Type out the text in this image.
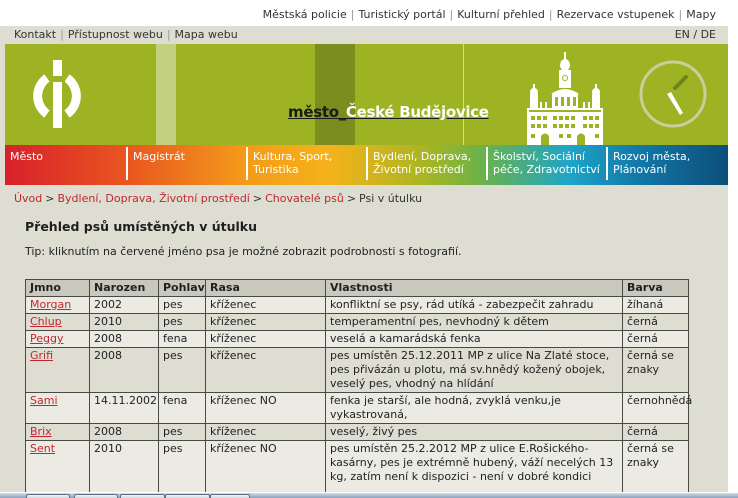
Městská policie | Turistický portál | Kulturní přehled | Rezervace vstupenek | Mapy
Kontakt | Přístupnost webu | Mapa webu	EN / DE
město_České Budějovice
Město	Magistrát	Kultura, Sport,
Turistika
Bydlení, Doprava,
Životní prostředí
Školství, Sociální
péče, Zdravotnictví
Rozvoj města,
Plánování
Úvod > Bydlení, Doprava, Životní prostředí > Chovatelé psů > Psi v útulku
Přehled psů umístěných v útulku

Tip: kliknutím na červené jméno psa je možné zobrazit podrobnosti s fotografií.

Jmno	Narozen	Pohlav	Rasa	Vlastnosti	Barva
Morgan	2002	pes	kříženec	konfliktní se psy, rád utíká - zabezpečit zahradu	žíhaná
Chlup	2010	pes	kříženec	temperamentní pes, nevhodný k dětem	černá
Peggy	2008	fena	kříženec	veselá a kamarádská fenka	černá
Grifi	2008	pes	kříženec	pes umístěn 25.12.2011 MP z ulice Na Zlaté stoce, pes přivázán u plotu, má sv.hnědý kožený obojek, veselý pes, vhodný na hlídání	černá se znaky
Sami	14.11.2002	fena	kříženec NO	fenka je starší, ale hodná, zvyklá venku,je vykastrovaná,	černohnědá
Brix	2008	pes	kříženec	veselý, živý pes	černá
Sent	2010	pes	kříženec NO	pes umístěn 25.2.2012 MP z ulice E.Rošického-kasárny, pes je extrémně hubený, váží necelých 13 kg, zatím není k dispozici - není v dobré kondici	černá se znaky
